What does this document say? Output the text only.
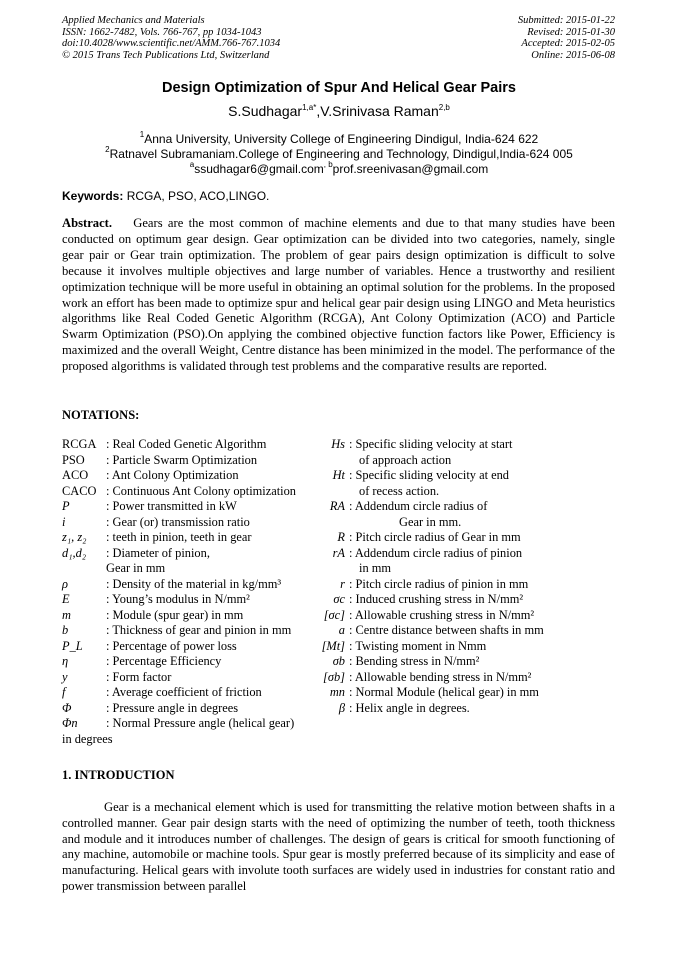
Applied Mechanics and Materials
ISSN: 1662-7482, Vols. 766-767, pp 1034-1043
doi:10.4028/www.scientific.net/AMM.766-767.1034
© 2015 Trans Tech Publications Ltd, Switzerland
Submitted: 2015-01-22
Revised: 2015-01-30
Accepted: 2015-02-05
Online: 2015-06-08
Design Optimization of Spur And Helical Gear Pairs
S.Sudhagar$^{1,a*}$,V.Srinivasa Raman$^{2,b}$
$^1$Anna University, University College of Engineering Dindigul, India-624 622
$^2$Ratnavel Subramaniam.College of Engineering and Technology, Dindigul,India-624 005
$^a$ssudhagar6@gmail.com$^{, b}$prof.sreenivasan@gmail.com
Keywords: RCGA, PSO, ACO,LINGO.
Abstract. Gears are the most common of machine elements and due to that many studies have been conducted on optimum gear design. Gear optimization can be divided into two categories, namely, single gear pair or Gear train optimization. The problem of gear pairs design optimization is difficult to solve because it involves multiple objectives and large number of variables. Hence a trustworthy and resilient optimization technique will be more useful in obtaining an optimal solution for the problems. In the proposed work an effort has been made to optimize spur and helical gear pair design using LINGO and Meta heuristics algorithms like Real Coded Genetic Algorithm (RCGA), Ant Colony Optimization (ACO) and Particle Swarm Optimization (PSO).On applying the combined objective function factors like Power, Efficiency is maximized and the overall Weight, Centre distance has been minimized in the model. The performance of the proposed algorithms is validated through test problems and the comparative results are reported.
NOTATIONS:
RCGA : Real Coded Genetic Algorithm
PSO	: Particle Swarm Optimization
ACO	: Ant Colony Optimization
CACO : Continuous Ant Colony optimization
P	: Power transmitted in kW
i	: Gear (or) transmission ratio
z₁, z₂	: teeth in pinion, teeth in gear
d₁,d₂	: Diameter of pinion,
Gear in mm
ρ	: Density of the material in kg/mm³
E	: Young’s modulus in N/mm²
m	: Module (spur gear) in mm
b	: Thickness of gear and pinion in mm
P_L	: Percentage of power loss
η	: Percentage Efficiency
y	: Form factor
f	: Average coefficient of friction
Φ	: Pressure angle in degrees
Φn	: Normal Pressure angle (helical gear)
in degrees
Hs : Specific sliding velocity at start
of approach action
Ht : Specific sliding velocity at end
of recess action.
RA : Addendum circle radius of
Gear in mm.
R : Pitch circle radius of Gear in mm
rA : Addendum circle radius of pinion
in mm
r : Pitch circle radius of pinion in mm
σc : Induced crushing stress in N/mm²
[σc] : Allowable crushing stress in N/mm²
a : Centre distance between shafts in mm
[Mt] : Twisting moment in Nmm
σb : Bending stress in N/mm²
[σb] : Allowable bending stress in N/mm²
mn : Normal Module (helical gear) in mm
β : Helix angle in degrees.
1. INTRODUCTION
Gear is a mechanical element which is used for transmitting the relative motion between shafts in a controlled manner. Gear pair design starts with the need of optimizing the number of teeth, tooth thickness and module and it introduces number of challenges. The design of gears is critical for smooth functioning of any machine, automobile or machine tools. Spur gear is mostly preferred because of its simplicity and ease of manufacturing. Helical gears with involute tooth surfaces are widely used in industries for constant ratio and power transmission between parallel
